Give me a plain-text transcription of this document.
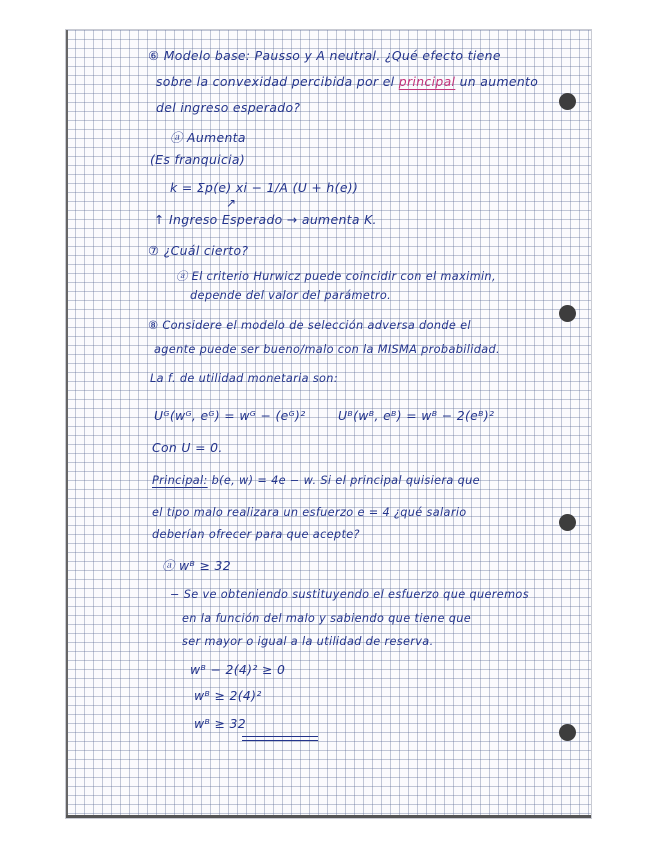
⑥ Modelo base: Pausso y A neutral. ¿Qué efecto tiene
sobre la convexidad percibida por el principal un aumento
del ingreso esperado?
ⓐ Aumenta
(Es franquicia)
k = Σp(e) xi − 1/A (U + h(e))
↗
↑ Ingreso Esperado → aumenta K.
⑦ ¿Cuál cierto?
ⓐ El criterio Hurwicz puede coincidir con el maximin,
depende del valor del parámetro.
⑧ Considere el modelo de selección adversa donde el
agente puede ser bueno/malo con la MISMA probabilidad.
La f. de utilidad monetaria son:
Uᴳ(wᴳ, eᴳ) = wᴳ − (eᴳ)²	Uᴮ(wᴮ, eᴮ) = wᴮ − 2(eᴮ)²
Con U = 0.
Principal: b(e, w) = 4e − w. Si el principal quisiera que
el tipo malo realizara un esfuerzo e = 4 ¿qué salario
deberían ofrecer para que acepte?
ⓐ wᴮ ≥ 32
− Se ve obteniendo sustituyendo el esfuerzo que queremos
en la función del malo y sabiendo que tiene que
ser mayor o igual a la utilidad de reserva.
wᴮ − 2(4)² ≥ 0
wᴮ ≥ 2(4)²
wᴮ ≥ 32
